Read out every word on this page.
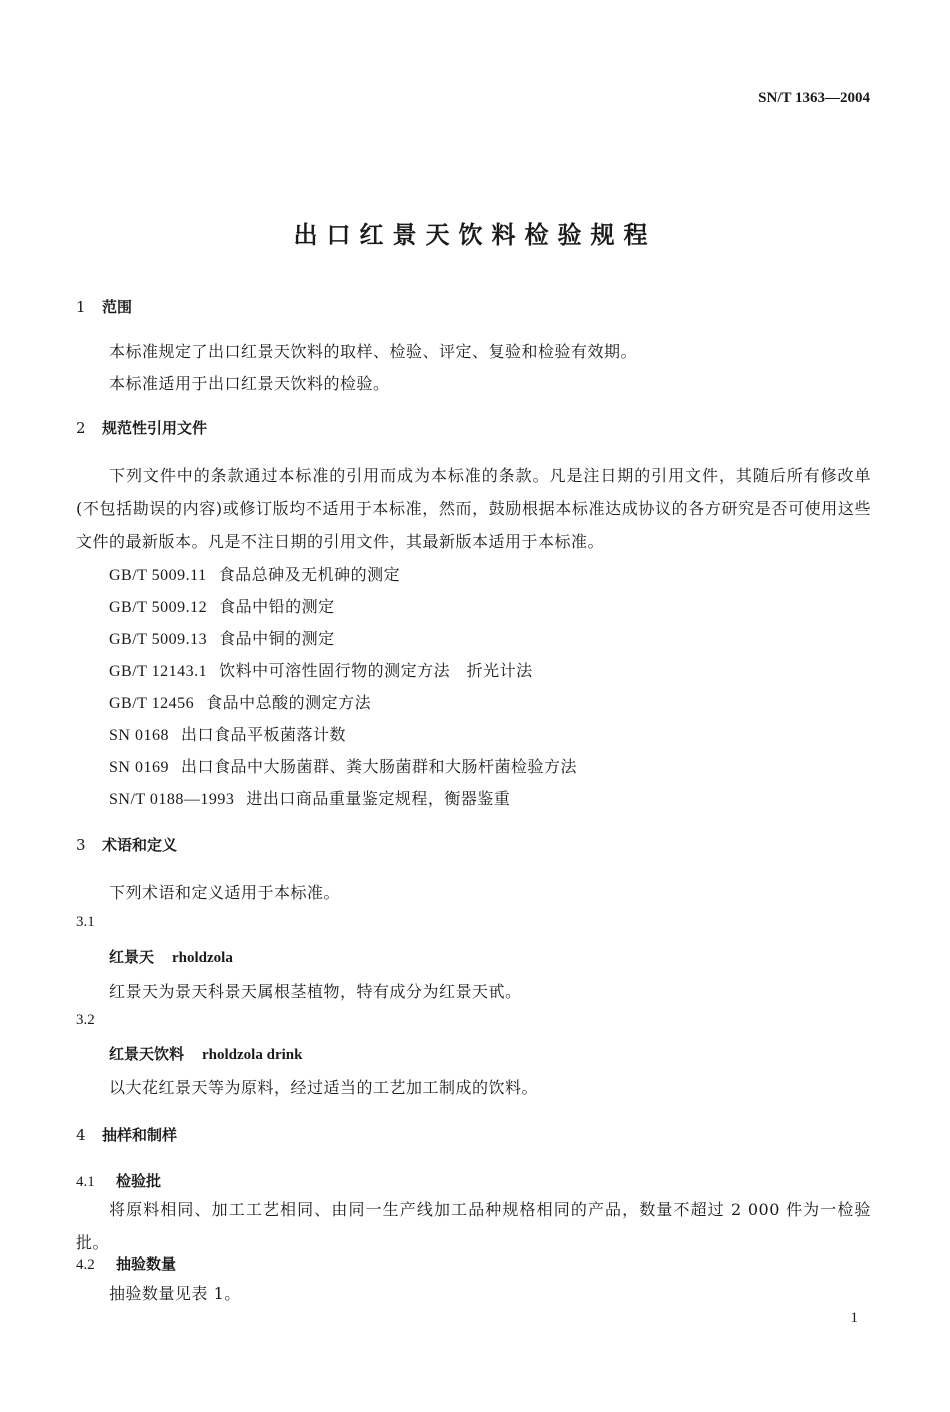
SN/T 1363—2004
出口红景天饮料检验规程
1 范围
本标准规定了出口红景天饮料的取样、检验、评定、复验和检验有效期。
本标准适用于出口红景天饮料的检验。
2 规范性引用文件
下列文件中的条款通过本标准的引用而成为本标准的条款。凡是注日期的引用文件，其随后所有修改单(不包括勘误的内容)或修订版均不适用于本标准，然而，鼓励根据本标准达成协议的各方研究是否可使用这些文件的最新版本。凡是不注日期的引用文件，其最新版本适用于本标准。
GB/T 5009.11 食品总砷及无机砷的测定
GB/T 5009.12 食品中铅的测定
GB/T 5009.13 食品中铜的测定
GB/T 12143.1 饮料中可溶性固行物的测定方法　折光计法
GB/T 12456 食品中总酸的测定方法
SN 0168 出口食品平板菌落计数
SN 0169 出口食品中大肠菌群、粪大肠菌群和大肠杆菌检验方法
SN/T 0188—1993 进出口商品重量鉴定规程，衡器鉴重
3 术语和定义
下列术语和定义适用于本标准。
3.1
红景天 rholdzola
红景天为景天科景天属根茎植物，特有成分为红景天甙。
3.2
红景天饮料 rholdzola drink
以大花红景天等为原料，经过适当的工艺加工制成的饮料。
4 抽样和制样
4.1 检验批
将原料相同、加工工艺相同、由同一生产线加工品种规格相同的产品，数量不超过 2 000 件为一检验批。
4.2 抽验数量
抽验数量见表 1。
1
